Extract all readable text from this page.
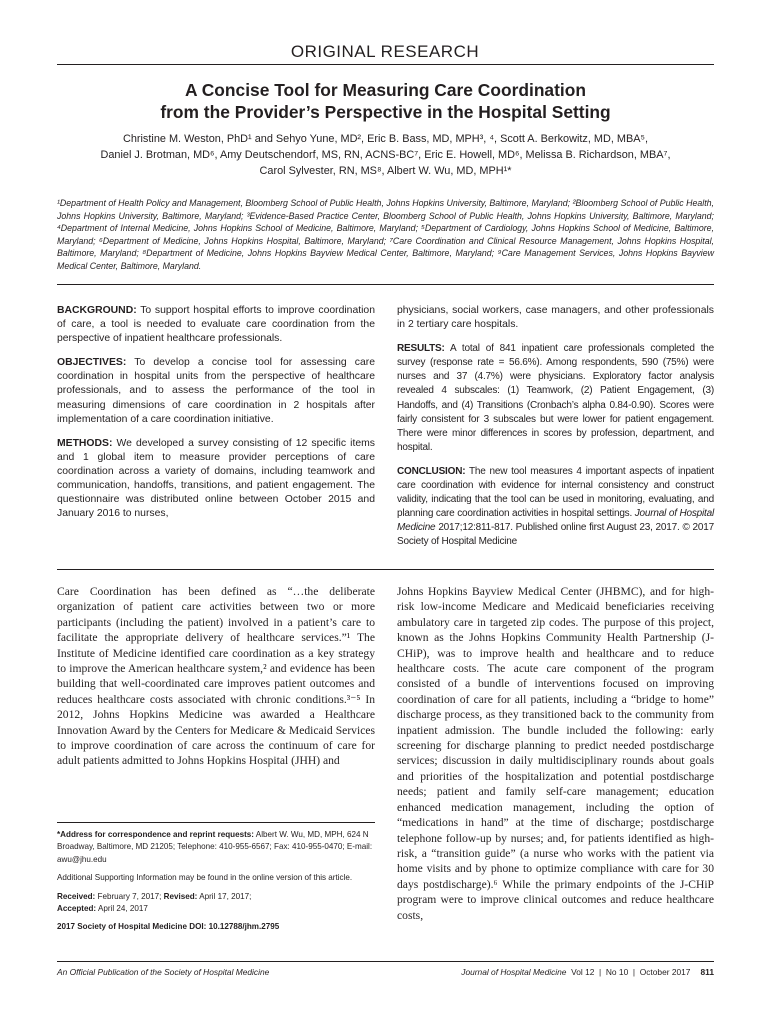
ORIGINAL RESEARCH
A Concise Tool for Measuring Care Coordination
from the Provider’s Perspective in the Hospital Setting
Christine M. Weston, PhD¹ and Sehyo Yune, MD², Eric B. Bass, MD, MPH³, ⁴, Scott A. Berkowitz, MD, MBA⁵,
Daniel J. Brotman, MD⁶, Amy Deutschendorf, MS, RN, ACNS-BC⁷, Eric E. Howell, MD⁶, Melissa B. Richardson, MBA⁷,
Carol Sylvester, RN, MS⁸, Albert W. Wu, MD, MPH¹*
¹Department of Health Policy and Management, Bloomberg School of Public Health, Johns Hopkins University, Baltimore, Maryland; ²Bloomberg School of Public Health, Johns Hopkins University, Baltimore, Maryland; ³Evidence-Based Practice Center, Bloomberg School of Public Health, Johns Hopkins University, Baltimore, Maryland; ⁴Department of Internal Medicine, Johns Hopkins School of Medicine, Baltimore, Maryland; ⁵Department of Cardiology, Johns Hopkins School of Medicine, Baltimore, Maryland; ⁶Department of Medicine, Johns Hopkins Hospital, Baltimore, Maryland; ⁷Care Coordination and Clinical Resource Management, Johns Hopkins Hospital, Baltimore, Maryland; ⁸Department of Medicine, Johns Hopkins Bayview Medical Center, Baltimore, Maryland; ⁹Care Management Services, Johns Hopkins Bayview Medical Center, Baltimore, Maryland.

BACKGROUND: To support hospital efforts to improve coordination of care, a tool is needed to evaluate care coordination from the perspective of inpatient healthcare professionals.

OBJECTIVES: To develop a concise tool for assessing care coordination in hospital units from the perspective of healthcare professionals, and to assess the performance of the tool in measuring dimensions of care coordination in 2 hospitals after implementation of a care coordination initiative.

METHODS: We developed a survey consisting of 12 specific items and 1 global item to measure provider perceptions of care coordination across a variety of domains, including teamwork and communication, handoffs, transitions, and patient engagement. The questionnaire was distributed online between October 2015 and January 2016 to nurses,

physicians, social workers, case managers, and other professionals in 2 tertiary care hospitals.

RESULTS: A total of 841 inpatient care professionals completed the survey (response rate = 56.6%). Among respondents, 590 (75%) were nurses and 37 (4.7%) were physicians. Exploratory factor analysis revealed 4 subscales: (1) Teamwork, (2) Patient Engagement, (3) Handoffs, and (4) Transitions (Cronbach’s alpha 0.84-0.90). Scores were fairly consistent for 3 subscales but were lower for patient engagement. There were minor differences in scores by profession, department, and hospital.

CONCLUSION: The new tool measures 4 important aspects of inpatient care coordination with evidence for internal consistency and construct validity, indicating that the tool can be used in monitoring, evaluating, and planning care coordination activities in hospital settings. Journal of Hospital Medicine 2017;12:811-817. Published online first August 23, 2017. © 2017 Society of Hospital Medicine

Care Coordination has been defined as “…the deliberate organization of patient care activities between two or more participants (including the patient) involved in a patient’s care to facilitate the appropriate delivery of healthcare services.”¹ The Institute of Medicine identified care coordination as a key strategy to improve the American healthcare system,² and evidence has been building that well-coordinated care improves patient outcomes and reduces healthcare costs associated with chronic conditions.³⁻⁵ In 2012, Johns Hopkins Medicine was awarded a Healthcare Innovation Award by the Centers for Medicare & Medicaid Services to improve coordination of care across the continuum of care for adult patients admitted to Johns Hopkins Hospital (JHH) and

Johns Hopkins Bayview Medical Center (JHBMC), and for high-risk low-income Medicare and Medicaid beneficiaries receiving ambulatory care in targeted zip codes. The purpose of this project, known as the Johns Hopkins Community Health Partnership (J-CHiP), was to improve health and healthcare and to reduce healthcare costs. The acute care component of the program consisted of a bundle of interventions focused on improving coordination of care for all patients, including a “bridge to home” discharge process, as they transitioned back to the community from inpatient admission. The bundle included the following: early screening for discharge planning to predict needed postdischarge services; discussion in daily multidisciplinary rounds about goals and priorities of the hospitalization and potential postdischarge needs; patient and family self-care management; education enhanced medication management, including the option of “medications in hand” at the time of discharge; postdischarge telephone follow-up by nurses; and, for patients identified as high-risk, a “transition guide” (a nurse who works with the patient via home visits and by phone to optimize compliance with care for 30 days postdischarge).⁶ While the primary endpoints of the J-CHiP program were to improve clinical outcomes and reduce healthcare costs,

*Address for correspondence and reprint requests: Albert W. Wu, MD, MPH, 624 N Broadway, Baltimore, MD 21205; Telephone: 410-955-6567; Fax: 410-955-0470; E-mail: awu@jhu.edu

Additional Supporting Information may be found in the online version of this article.

Received: February 7, 2017; Revised: April 17, 2017;

Accepted: April 24, 2017

2017 Society of Hospital Medicine DOI: 10.12788/jhm.2795

An Official Publication of the Society of Hospital Medicine	Journal of Hospital Medicine  Vol 12  |  No 10  |  October 2017 811
